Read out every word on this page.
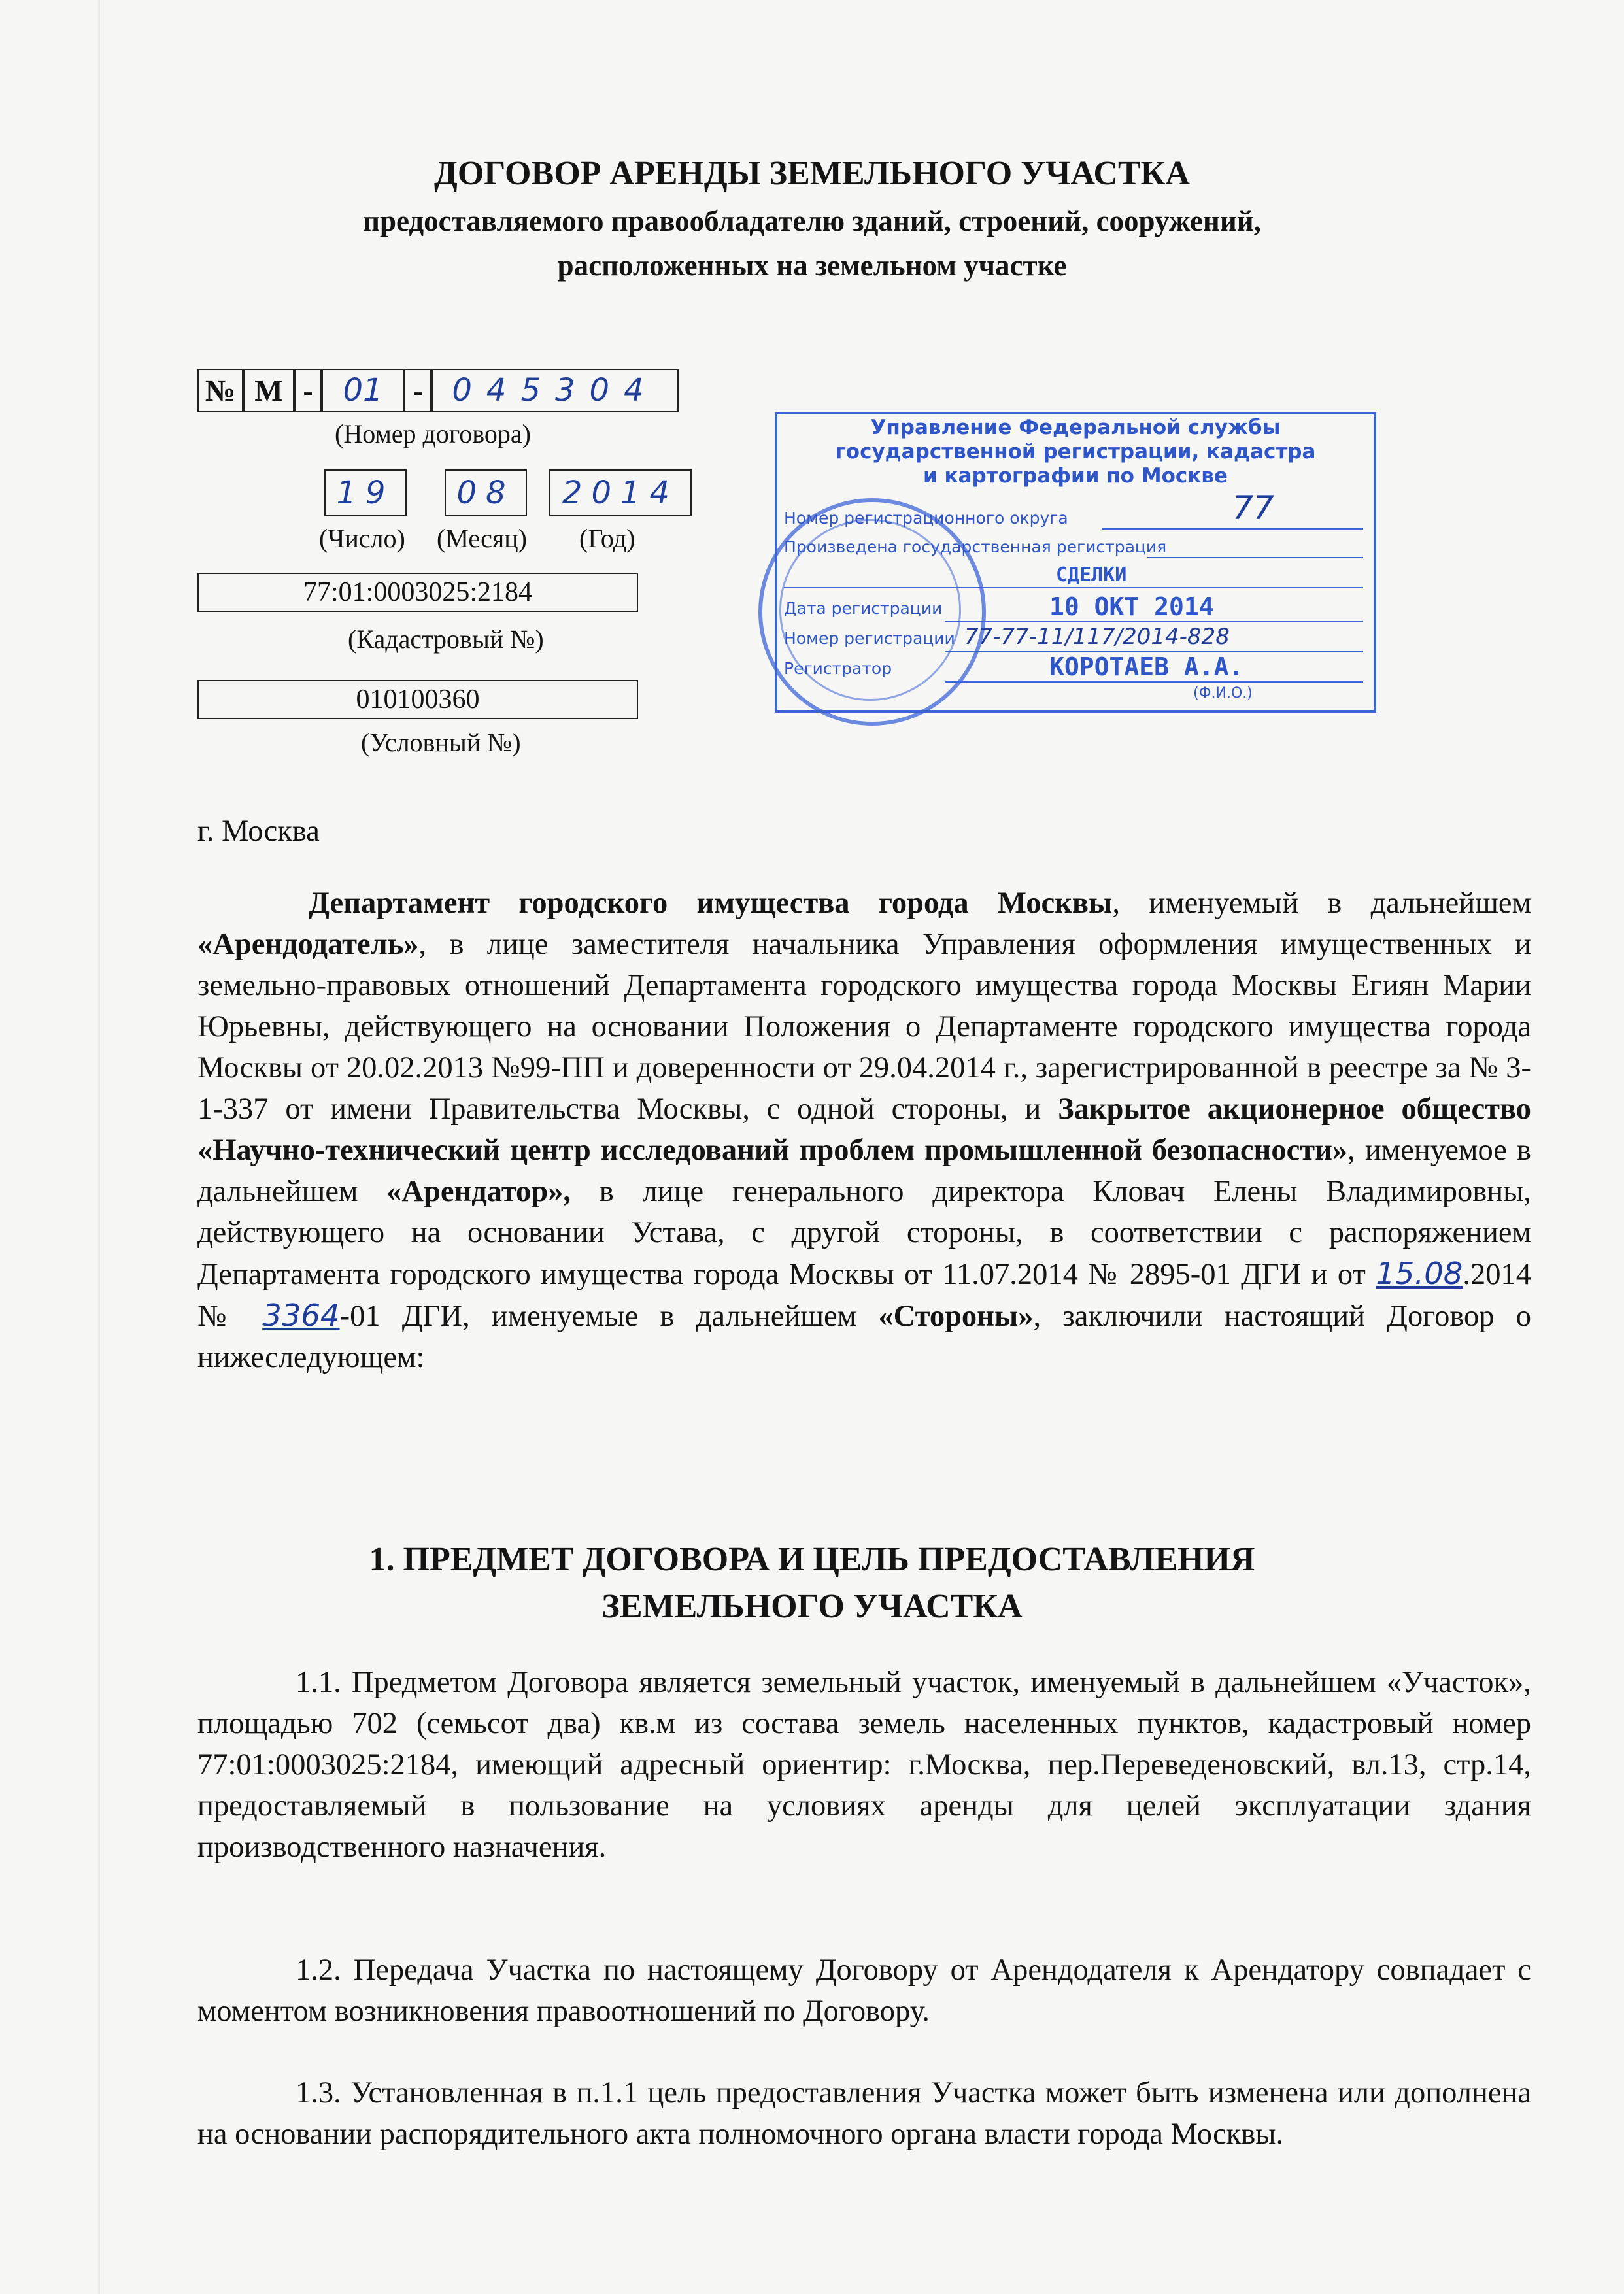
ДОГОВОР АРЕНДЫ ЗЕМЕЛЬНОГО УЧАСТКА
предоставляемого правообладателю зданий, строений, сооружений,
расположенных на земельном участке
№ М - 01 - 045304
(Номер договора)
19	08	2014
(Число) (Месяц) (Год)
77:01:0003025:2184
(Кадастровый №)
010100360
(Условный №)
Управление Федеральной службы
государственной регистрации, кадастра
и картографии по Москве
Номер регистрационного округа	77
Произведена государственная регистрация
СДЕЛКИ
Дата регистрации	10 ОКТ 2014
Номер регистрации 77-77-11/117/2014-828
Регистратор	КОРОТАЕВ А.А.
(Ф.И.О.)
г. Москва
Департамент городского имущества города Москвы, именуемый в дальнейшем «Арендодатель», в лице заместителя начальника Управления оформления имущественных и земельно-правовых отношений Департамента городского имущества города Москвы Егиян Марии Юрьевны, действующего на основании Положения о Департаменте городского имущества города Москвы от 20.02.2013 №99-ПП и доверенности от 29.04.2014 г., зарегистрированной в реестре за № 3-1-337 от имени Правительства Москвы, с одной стороны, и Закрытое акционерное общество «Научно-технический центр исследований проблем промышленной безопасности», именуемое в дальнейшем «Арендатор», в лице генерального директора Кловач Елены Владимировны, действующего на основании Устава, с другой стороны, в соответствии с распоряжением Департамента городского имущества города Москвы от 11.07.2014 № 2895-01 ДГИ и от 15.08.2014 № 3364-01 ДГИ, именуемые в дальнейшем «Стороны», заключили настоящий Договор о нижеследующем:
1. ПРЕДМЕТ ДОГОВОРА И ЦЕЛЬ ПРЕДОСТАВЛЕНИЯ
ЗЕМЕЛЬНОГО УЧАСТКА
1.1. Предметом Договора является земельный участок, именуемый в дальнейшем «Участок», площадью 702 (семьсот два) кв.м из состава земель населенных пунктов, кадастровый номер 77:01:0003025:2184, имеющий адресный ориентир: г.Москва, пер.Переведеновский, вл.13, стр.14, предоставляемый в пользование на условиях аренды для целей эксплуатации здания производственного назначения.
1.2. Передача Участка по настоящему Договору от Арендодателя к Арендатору совпадает с моментом возникновения правоотношений по Договору.
1.3. Установленная в п.1.1 цель предоставления Участка может быть изменена или дополнена на основании распорядительного акта полномочного органа власти города Москвы.
